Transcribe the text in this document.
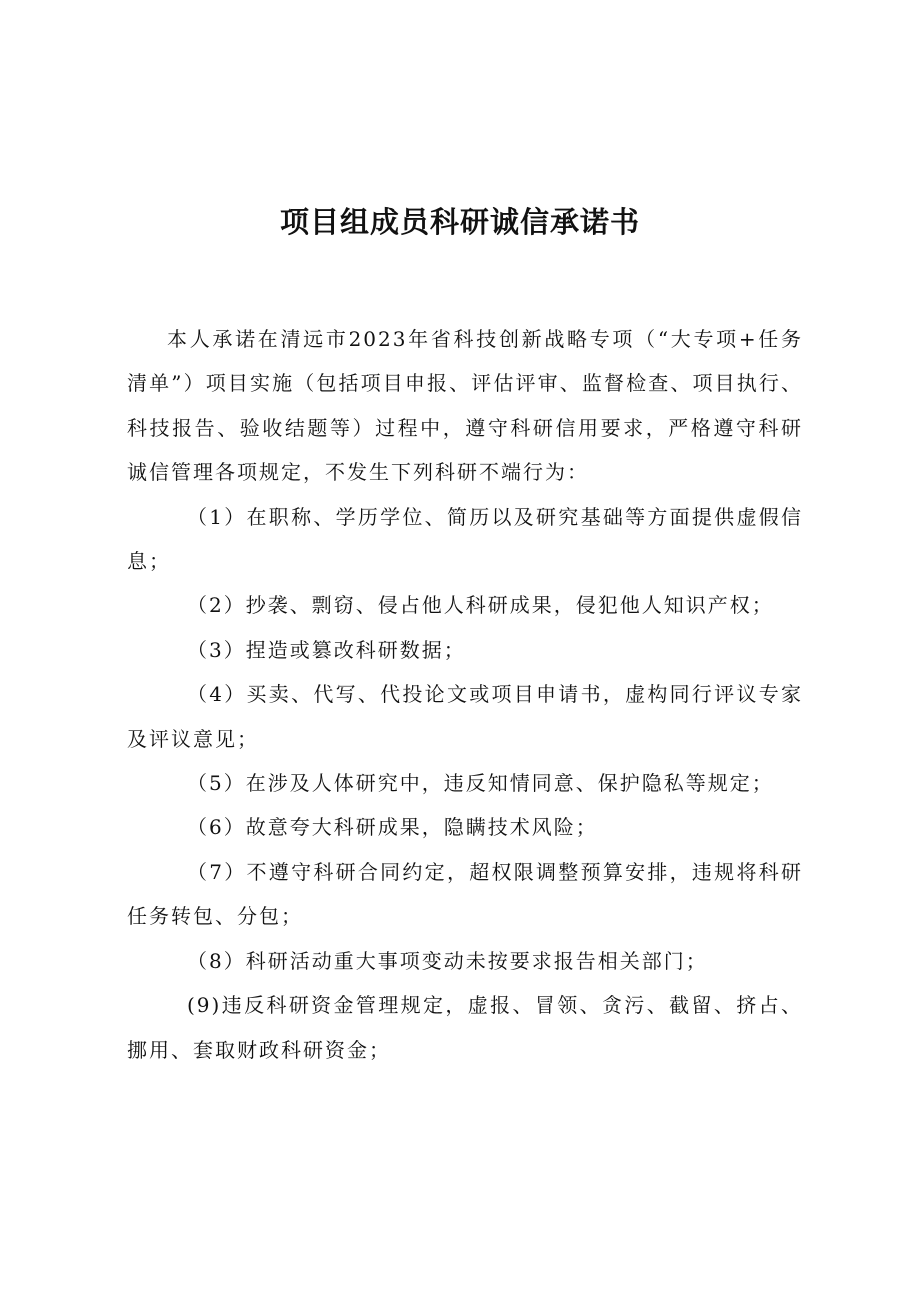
项目组成员科研诚信承诺书

本人承诺在清远市2023年省科技创新战略专项（“大专项+任务清单”）项目实施（包括项目申报、评估评审、监督检查、项目执行、科技报告、验收结题等）过程中，遵守科研信用要求，严格遵守科研诚信管理各项规定，不发生下列科研不端行为：

（1）在职称、学历学位、简历以及研究基础等方面提供虚假信息；

（2）抄袭、剽窃、侵占他人科研成果，侵犯他人知识产权；

（3）捏造或篡改科研数据；

（4）买卖、代写、代投论文或项目申请书，虚构同行评议专家及评议意见；

（5）在涉及人体研究中，违反知情同意、保护隐私等规定；

（6）故意夸大科研成果，隐瞒技术风险；

（7）不遵守科研合同约定，超权限调整预算安排，违规将科研任务转包、分包；

（8）科研活动重大事项变动未按要求报告相关部门；

(9)违反科研资金管理规定，虚报、冒领、贪污、截留、挤占、挪用、套取财政科研资金；
